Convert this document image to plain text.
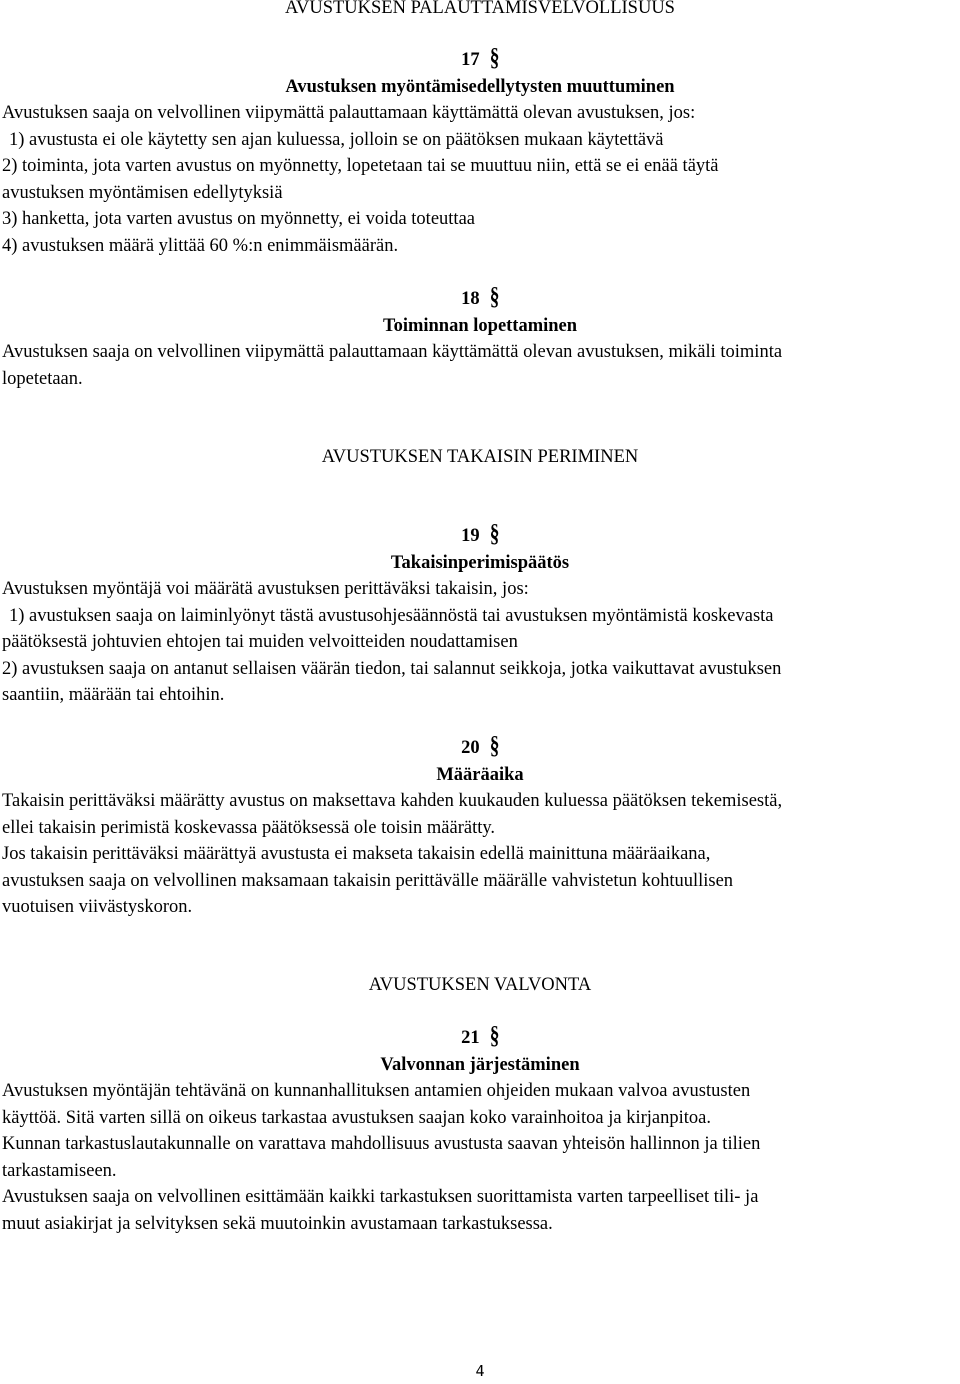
AVUSTUKSEN PALAUTTAMISVELVOLLISUUS
17 §
Avustuksen myöntämisedellytysten muuttuminen
Avustuksen saaja on velvollinen viipymättä palauttamaan käyttämättä olevan avustuksen, jos:
1) avustusta ei ole käytetty sen ajan kuluessa, jolloin se on päätöksen mukaan käytettävä
2) toiminta, jota varten avustus on myönnetty, lopetetaan tai se muuttuu niin, että se ei enää täytä
avustuksen myöntämisen edellytyksiä
3) hanketta, jota varten avustus on myönnetty, ei voida toteuttaa
4) avustuksen määrä ylittää 60 %:n enimmäismäärän.
18 §
Toiminnan lopettaminen
Avustuksen saaja on velvollinen viipymättä palauttamaan käyttämättä olevan avustuksen, mikäli toiminta
lopetetaan.
AVUSTUKSEN TAKAISIN PERIMINEN
19 §
Takaisinperimispäätös
Avustuksen myöntäjä voi määrätä avustuksen perittäväksi takaisin, jos:
1) avustuksen saaja on laiminlyönyt tästä avustusohjesäännöstä tai avustuksen myöntämistä koskevasta
päätöksestä johtuvien ehtojen tai muiden velvoitteiden noudattamisen
2) avustuksen saaja on antanut sellaisen väärän tiedon, tai salannut seikkoja, jotka vaikuttavat avustuksen
saantiin, määrään tai ehtoihin.
20 §
Määräaika
Takaisin perittäväksi määrätty avustus on maksettava kahden kuukauden kuluessa päätöksen tekemisestä,
ellei takaisin perimistä koskevassa päätöksessä ole toisin määrätty.
Jos takaisin perittäväksi määrättyä avustusta ei makseta takaisin edellä mainittuna määräaikana,
avustuksen saaja on velvollinen maksamaan takaisin perittävälle määrälle vahvistetun kohtuullisen
vuotuisen viivästyskoron.
AVUSTUKSEN VALVONTA
21 §
Valvonnan järjestäminen
Avustuksen myöntäjän tehtävänä on kunnanhallituksen antamien ohjeiden mukaan valvoa avustusten
käyttöä. Sitä varten sillä on oikeus tarkastaa avustuksen saajan koko varainhoitoa ja kirjanpitoa.
Kunnan tarkastuslautakunnalle on varattava mahdollisuus avustusta saavan yhteisön hallinnon ja tilien
tarkastamiseen.
Avustuksen saaja on velvollinen esittämään kaikki tarkastuksen suorittamista varten tarpeelliset tili- ja
muut asiakirjat ja selvityksen sekä muutoinkin avustamaan tarkastuksessa.
4
